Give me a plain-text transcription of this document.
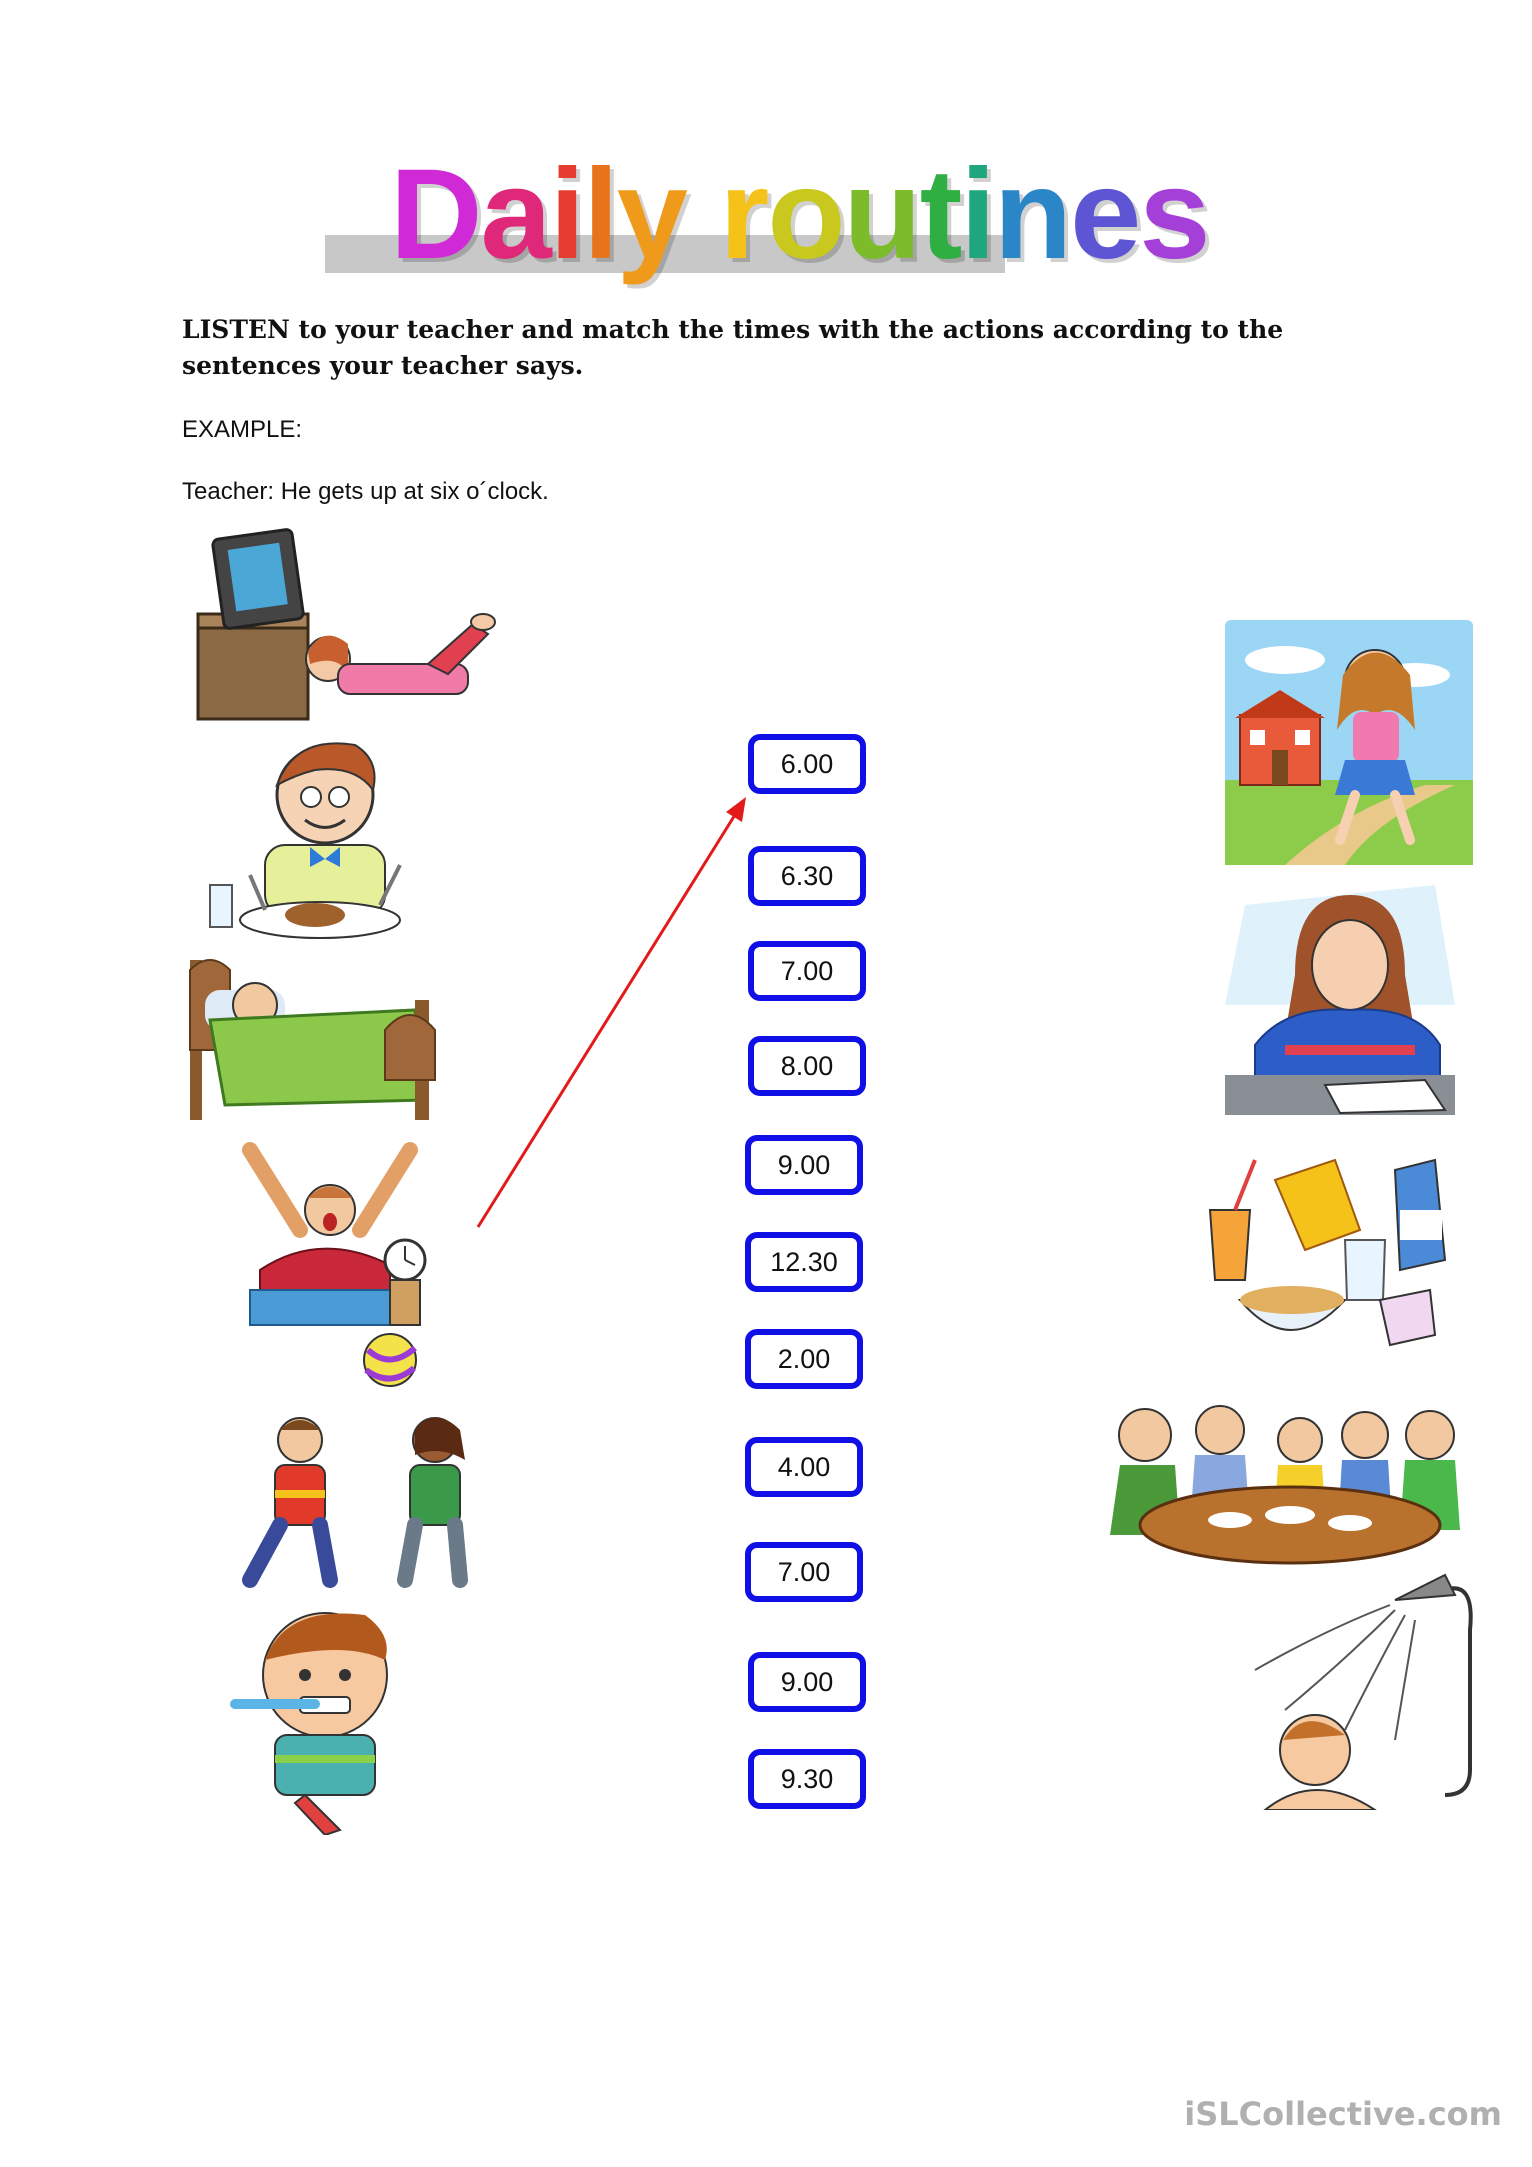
Daily routines
LISTEN to your teacher and match the times with the actions according to the sentences your teacher says.
EXAMPLE:
Teacher: He gets up at six o´clock.
6.00
6.30
7.00
8.00
9.00
12.30
2.00
4.00
7.00
9.00
9.30
iSLCollective.com
